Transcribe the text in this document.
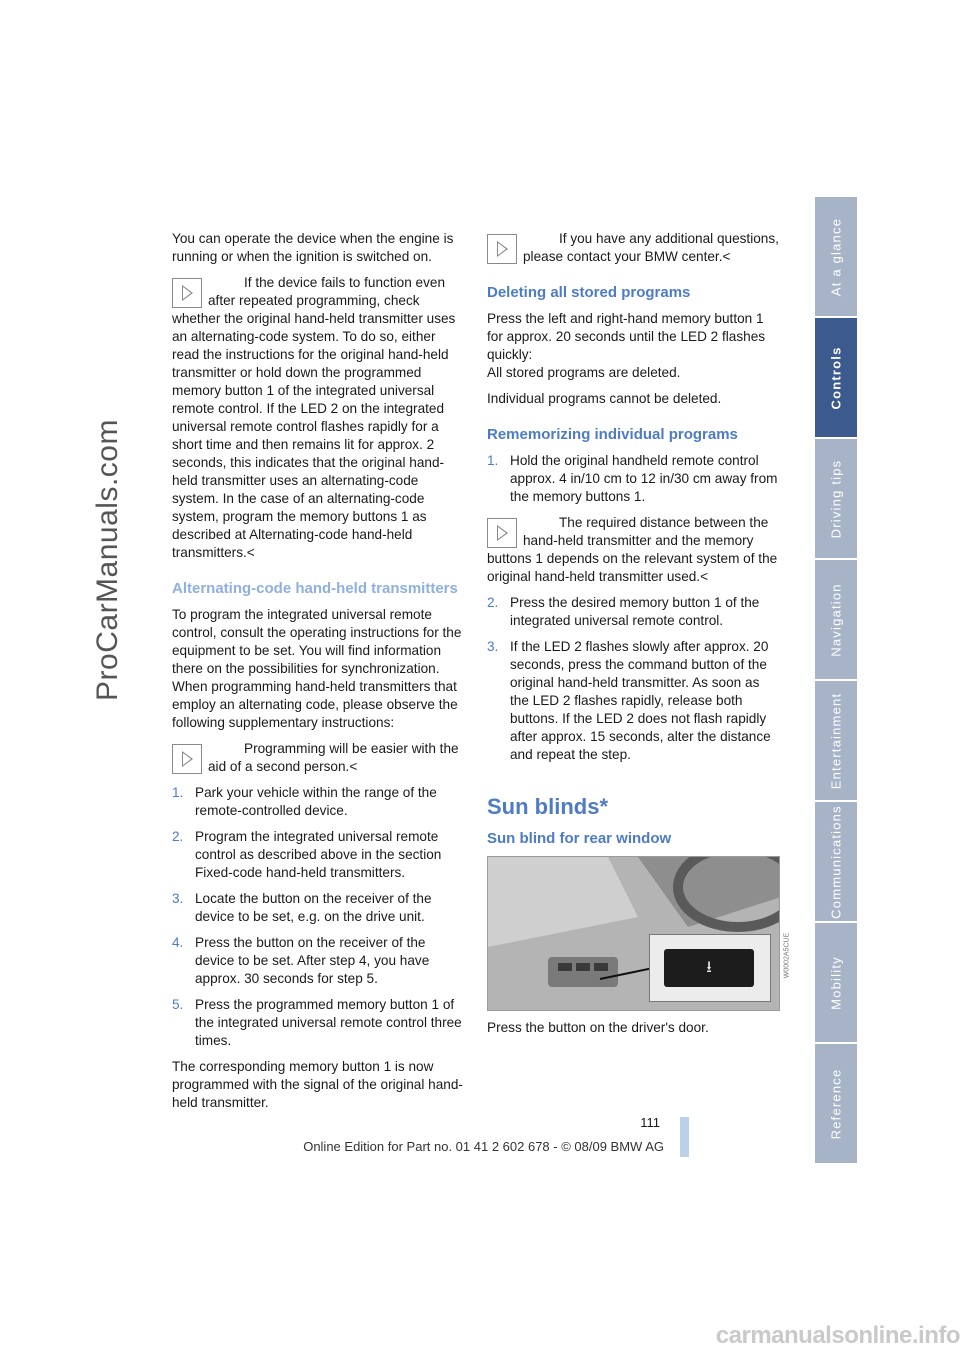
ProCarManuals.com
At a glance
Controls
Driving tips
Navigation
Entertainment
Communications
Mobility
Reference

You can operate the device when the engine is running or when the ignition is switched on.

If the device fails to function even after repeated programming, check whether the original hand-held transmitter uses an alternating-code system. To do so, either read the instructions for the original hand-held transmitter or hold down the programmed memory button 1 of the integrated universal remote control. If the LED 2 on the integrated universal remote control flashes rapidly for a short time and then remains lit for approx. 2 seconds, this indicates that the original hand-held transmitter uses an alternating-code system. In the case of an alternating-code system, program the memory buttons 1 as described at Alternating-code hand-held transmitters.<
Alternating-code hand-held transmitters

To program the integrated universal remote control, consult the operating instructions for the equipment to be set. You will find information there on the possibilities for synchronization.

When programming hand-held transmitters that employ an alternating code, please observe the following supplementary instructions:

Programming will be easier with the aid of a second person.<
1. Park your vehicle within the range of the remote-controlled device.
2. Program the integrated universal remote control as described above in the section Fixed-code hand-held transmitters.
3. Locate the button on the receiver of the device to be set, e.g. on the drive unit.
4. Press the button on the receiver of the device to be set. After step 4, you have approx. 30 seconds for step 5.
5. Press the programmed memory button 1 of the integrated universal remote control three times.

The corresponding memory button 1 is now programmed with the signal of the original hand-held transmitter.

If you have any additional questions, please contact your BMW center.<
Deleting all stored programs

Press the left and right-hand memory button 1 for approx. 20 seconds until the LED 2 flashes quickly:

All stored programs are deleted.

Individual programs cannot be deleted.

Rememorizing individual programs
1. Hold the original handheld remote control approx. 4 in/10 cm to 12 in/30 cm away from the memory buttons 1.
The required distance between the hand-held transmitter and the memory buttons 1 depends on the relevant system of the original hand-held transmitter used.<
2. Press the desired memory button 1 of the integrated universal remote control.
3. If the LED 2 flashes slowly after approx. 20 seconds, press the command button of the original hand-held transmitter. As soon as the LED 2 flashes rapidly, release both buttons. If the LED 2 does not flash rapidly after approx. 15 seconds, alter the distance and repeat the step.
Sun blinds*
Sun blind for rear window
⭳

Press the button on the driver's door.

W0002A5CUE
111
Online Edition for Part no. 01 41 2 602 678 - © 08/09 BMW AG
carmanualsonline.info
